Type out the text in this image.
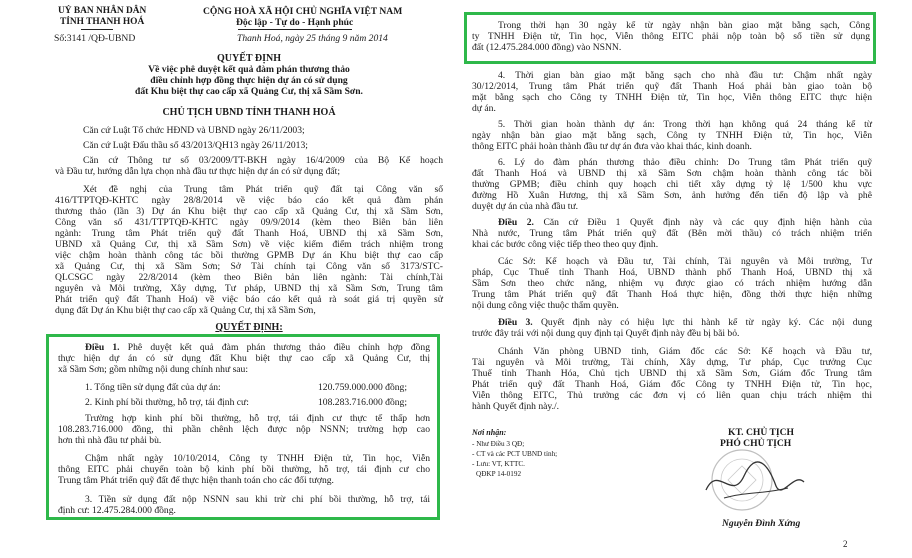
UỶ BAN NHÂN DÂN
TỈNH THANH HOÁ
CỘNG HOÀ XÃ HỘI CHỦ NGHĨA VIỆT NAM
Độc lập - Tự do - Hạnh phúc
Số:3141 /QĐ-UBND	Thanh Hoá, ngày 25 tháng 9 năm 2014
QUYẾT ĐỊNH
Về việc phê duyệt kết quả đàm phán thương thảo
điều chỉnh hợp đồng thực hiện dự án có sử dụng
đất Khu biệt thự cao cấp xã Quảng Cư, thị xã Sầm Sơn.
CHỦ TỊCH UBND TỈNH THANH HOÁ
Căn cứ Luật Tổ chức HĐND và UBND ngày 26/11/2003;
Căn cứ Luật Đấu thầu số 43/2013/QH13 ngày 26/11/2013;
Căn cứ Thông tư số 03/2009/TT-BKH ngày 16/4/2009 của Bộ Kế hoạch
và Đầu tư, hướng dẫn lựa chọn nhà đầu tư thực hiện dự án có sử dụng đất;
Xét đề nghị của Trung tâm Phát triển quỹ đất tại Công văn số
416/TTPTQĐ-KHTC ngày 28/8/2014 về việc báo cáo kết quả đàm phán
thương thảo (lần 3) Dự án Khu biệt thự cao cấp xã Quảng Cư, thị xã Sầm Sơn,
Công văn số 431/TTPTQĐ-KHTC ngày 09/9/2014 (kèm theo Biên bản liên
ngành: Trung tâm Phát triển quỹ đất Thanh Hoá, UBND thị xã Sầm Sơn,
UBND xã Quảng Cư, thị xã Sầm Sơn) về việc kiểm điểm trách nhiệm trong
việc chậm hoàn thành công tác bồi thường GPMB Dự án Khu biệt thự cao cấp
xã Quảng Cư, thị xã Sầm Sơn; Sở Tài chính tại Công văn số 3173/STC-
QLCSGC ngày 22/8/2014 (kèm theo Biên bản liên ngành: Tài chính,Tài
nguyên và Môi trường, Xây dựng, Tư pháp, UBND thị xã Sầm Sơn, Trung tâm
Phát triển quỹ đất Thanh Hoá) về việc báo cáo kết quả rà soát giá trị quyền sử
dụng đất Dự án Khu biệt thự cao cấp xã Quảng Cư, thị xã Sầm Sơn,
QUYẾT ĐỊNH:
Điều 1. Phê duyệt kết quả đàm phán thương thảo điều chỉnh hợp đồng
thực hiện dự án có sử dụng đất Khu biệt thự cao cấp xã Quảng Cư, thị
xã Sầm Sơn; gồm những nội dung chính như sau:
1. Tổng tiền sử dụng đất của dự án:	120.759.000.000 đồng;
2. Kinh phí bồi thường, hỗ trợ, tái định cư:	108.283.716.000 đồng;
Trường hợp kinh phí bồi thường, hỗ trợ, tái định cư thực tế thấp hơn
108.283.716.000 đồng, thì phần chênh lệch được nộp NSNN; trường hợp cao
hơn thì nhà đầu tư phải bù.
Chậm nhất ngày 10/10/2014, Công ty TNHH Điện tử, Tin học, Viễn
thông EITC phải chuyển toàn bộ kinh phí bồi thường, hỗ trợ, tái định cư cho
Trung tâm Phát triển quỹ đất để thực hiện thanh toán cho các đối tượng.
3. Tiền sử dụng đất nộp NSNN sau khi trừ chi phí bồi thường, hỗ trợ, tái
định cư: 12.475.284.000 đồng.
Trong thời hạn 30 ngày kể từ ngày nhận bàn giao mặt bằng sạch, Công
ty TNHH Điện tử, Tin học, Viễn thông EITC phải nộp toàn bộ số tiền sử dụng
đất (12.475.284.000 đồng) vào NSNN.
4. Thời gian bàn giao mặt bằng sạch cho nhà đầu tư: Chậm nhất ngày
30/12/2014, Trung tâm Phát triển quỹ đất Thanh Hoá phải bàn giao toàn bộ
mặt bằng sạch cho Công ty TNHH Điện tử, Tin học, Viễn thông EITC thực hiện
dự án.
5. Thời gian hoàn thành dự án: Trong thời hạn không quá 24 tháng kể từ
ngày nhận bàn giao mặt bằng sạch, Công ty TNHH Điện tử, Tin học, Viễn
thông EITC phải hoàn thành đầu tư dự án đưa vào khai thác, kinh doanh.
6. Lý do đàm phán thương thảo điều chỉnh: Do Trung tâm Phát triển quỹ
đất Thanh Hoá và UBND thị xã Sầm Sơn chậm hoàn thành công tác bồi
thường GPMB; điều chỉnh quy hoạch chi tiết xây dựng tỷ lệ 1/500 khu vực
đường Hồ Xuân Hương, thị xã Sầm Sơn, ảnh hưởng đến tiến độ lập và phê
duyệt dự án của nhà đầu tư.
Điều 2. Căn cứ Điều 1 Quyết định này và các quy định hiện hành của
Nhà nước, Trung tâm Phát triển quỹ đất (Bên mời thầu) có trách nhiệm triển
khai các bước công việc tiếp theo theo quy định.
Các Sở: Kế hoạch và Đầu tư, Tài chính, Tài nguyên và Môi trường, Tư
pháp, Cục Thuế tỉnh Thanh Hoá, UBND thành phố Thanh Hoá, UBND thị xã
Sầm Sơn theo chức năng, nhiệm vụ được giao có trách nhiệm hướng dẫn
Trung tâm Phát triển quỹ đất Thanh Hoá thực hiện, đồng thời thực hiện những
nội dung công việc thuộc thẩm quyền.
Điều 3. Quyết định này có hiệu lực thi hành kể từ ngày ký. Các nội dung
trước đây trái với nội dung quy định tại Quyết định này đều bị bãi bỏ.
Chánh Văn phòng UBND tỉnh, Giám đốc các Sở: Kế hoạch và Đầu tư,
Tài nguyên và Môi trường, Tài chính, Xây dựng, Tư pháp, Cục trưởng Cục
Thuế tỉnh Thanh Hóa, Chủ tịch UBND thị xã Sầm Sơn, Giám đốc Trung tâm
Phát triển quỹ đất Thanh Hoá, Giám đốc Công ty TNHH Điện tử, Tin học,
Viễn thông EITC, Thủ trưởng các đơn vị có liên quan chịu trách nhiệm thi
hành Quyết định này./.
Nơi nhận:
- Như Điều 3 QĐ;
- CT và các PCT UBND tỉnh;
- Lưu: VT, KTTC.
QĐKP 14-0192
KT. CHỦ TỊCH
PHÓ CHỦ TỊCH
Nguyễn Đình Xứng
2
